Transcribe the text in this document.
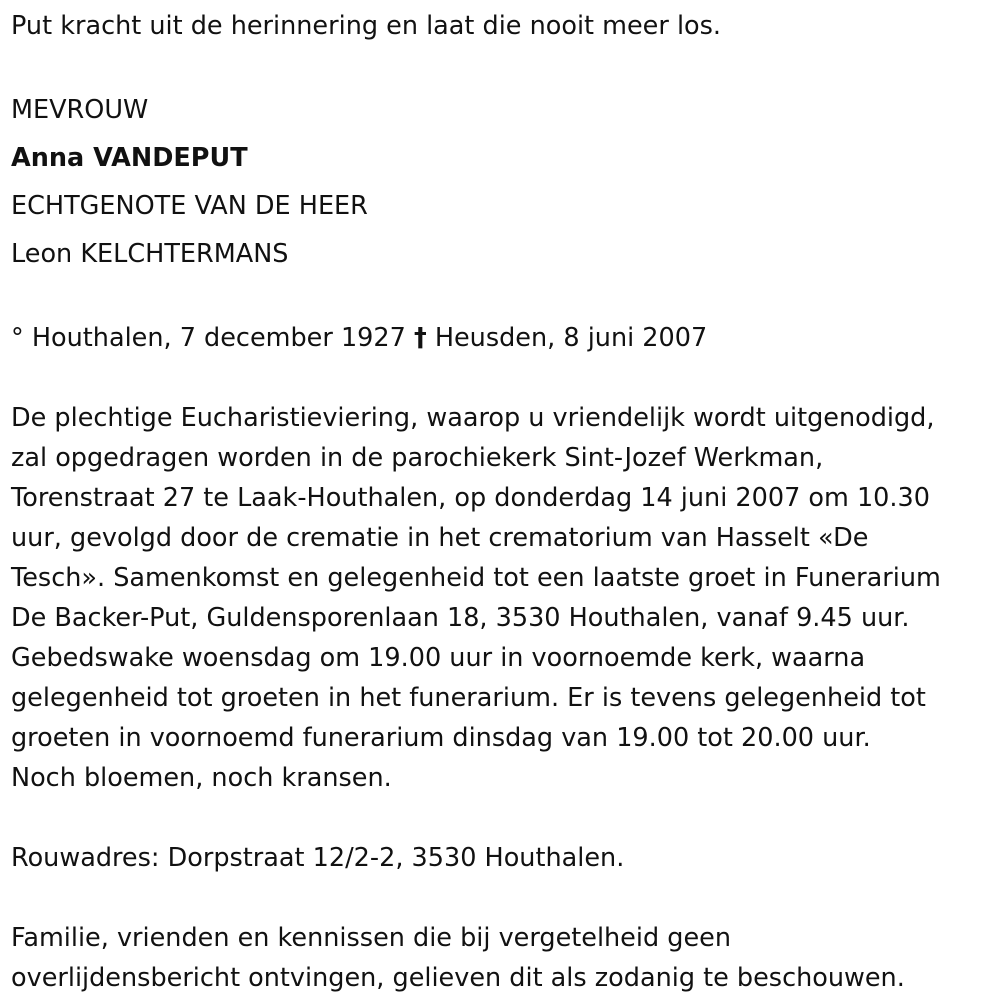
Put kracht uit de herinnering en laat die nooit meer los.

MEVROUW

Anna VANDEPUT

ECHTGENOTE VAN DE HEER

Leon KELCHTERMANS

° Houthalen, 7 december 1927 † Heusden, 8 juni 2007

De plechtige Eucharistieviering, waarop u vriendelijk wordt uitgenodigd,

zal opgedragen worden in de parochiekerk Sint-Jozef Werkman,

Torenstraat 27 te Laak-Houthalen, op donderdag 14 juni 2007 om 10.30

uur, gevolgd door de crematie in het crematorium van Hasselt «De

Tesch». Samenkomst en gelegenheid tot een laatste groet in Funerarium

De Backer-Put, Guldensporenlaan 18, 3530 Houthalen, vanaf 9.45 uur.

Gebedswake woensdag om 19.00 uur in voornoemde kerk, waarna

gelegenheid tot groeten in het funerarium. Er is tevens gelegenheid tot

groeten in voornoemd funerarium dinsdag van 19.00 tot 20.00 uur.

Noch bloemen, noch kransen.

Rouwadres: Dorpstraat 12/2-2, 3530 Houthalen.

Familie, vrienden en kennissen die bij vergetelheid geen

overlijdensbericht ontvingen, gelieven dit als zodanig te beschouwen.
